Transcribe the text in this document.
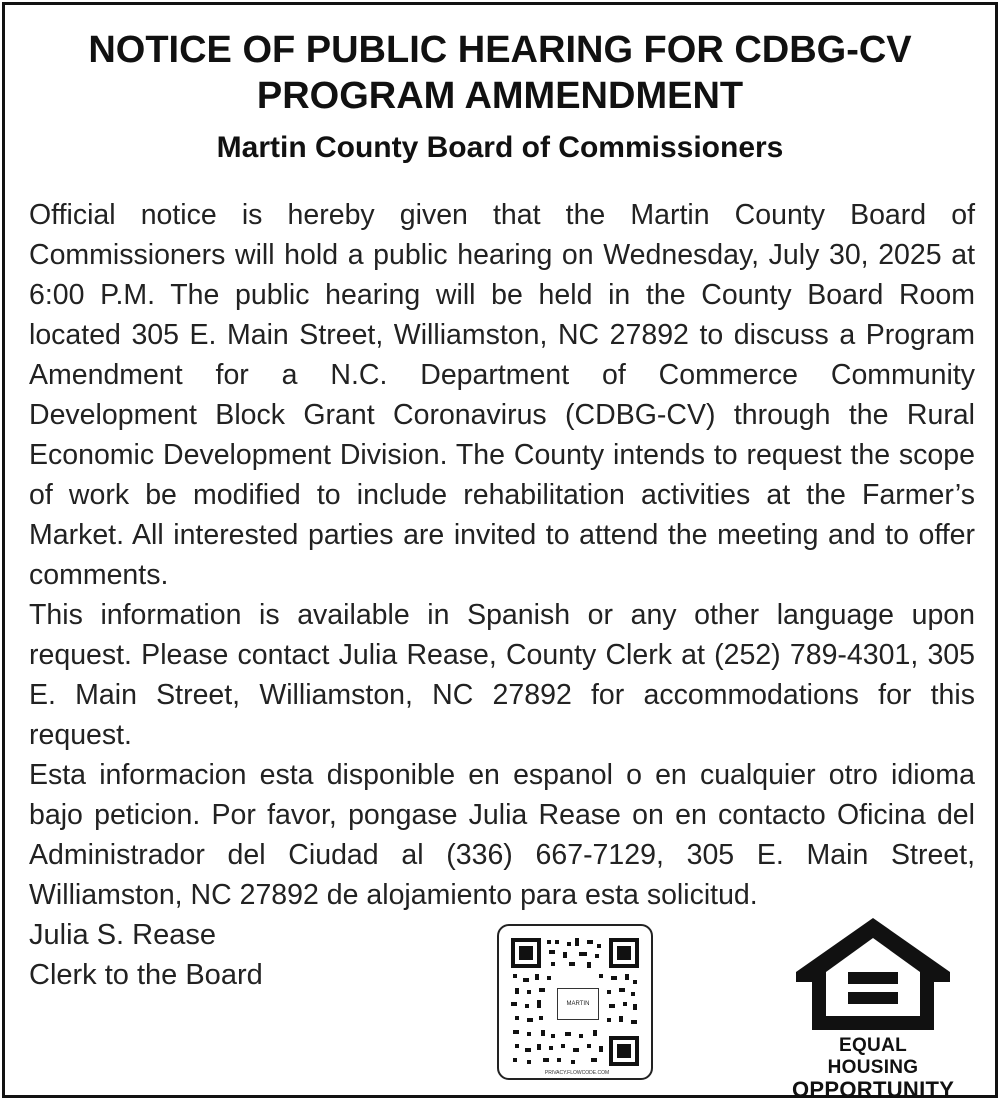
NOTICE OF PUBLIC HEARING FOR CDBG-CV
PROGRAM AMMENDMENT
Martin County Board of Commissioners

Official notice is hereby given that the Martin County Board of Commissioners will hold a public hearing on Wednesday, July 30, 2025 at 6:00 P.M. The public hearing will be held in the County Board Room located 305 E. Main Street, Williamston, NC 27892 to discuss a Program Amendment for a N.C. Department of Commerce Community Development Block Grant Coronavirus (CDBG-CV) through the Rural Economic Development Division. The County intends to request the scope of work be modified to include rehabilitation activities at the Farmer’s Market. All interested parties are invited to attend the meeting and to offer comments.

This information is available in Spanish or any other language upon request. Please contact Julia Rease, County Clerk at (252) 789-4301, 305 E. Main Street, Williamston, NC 27892 for accommodations for this request.

Esta informacion esta disponible en espanol o en cualquier otro idioma bajo peticion. Por favor, pongase Julia Rease on en contacto Oficina del Administrador del Ciudad al (336) 667-7129, 305 E. Main Street, Williamston, NC 27892 de alojamiento para esta solicitud.

Julia S. Rease
Clerk to the Board
MARTIN
PRIVACY.FLOWCODE.COM
EQUAL HOUSING
OPPORTUNITY
